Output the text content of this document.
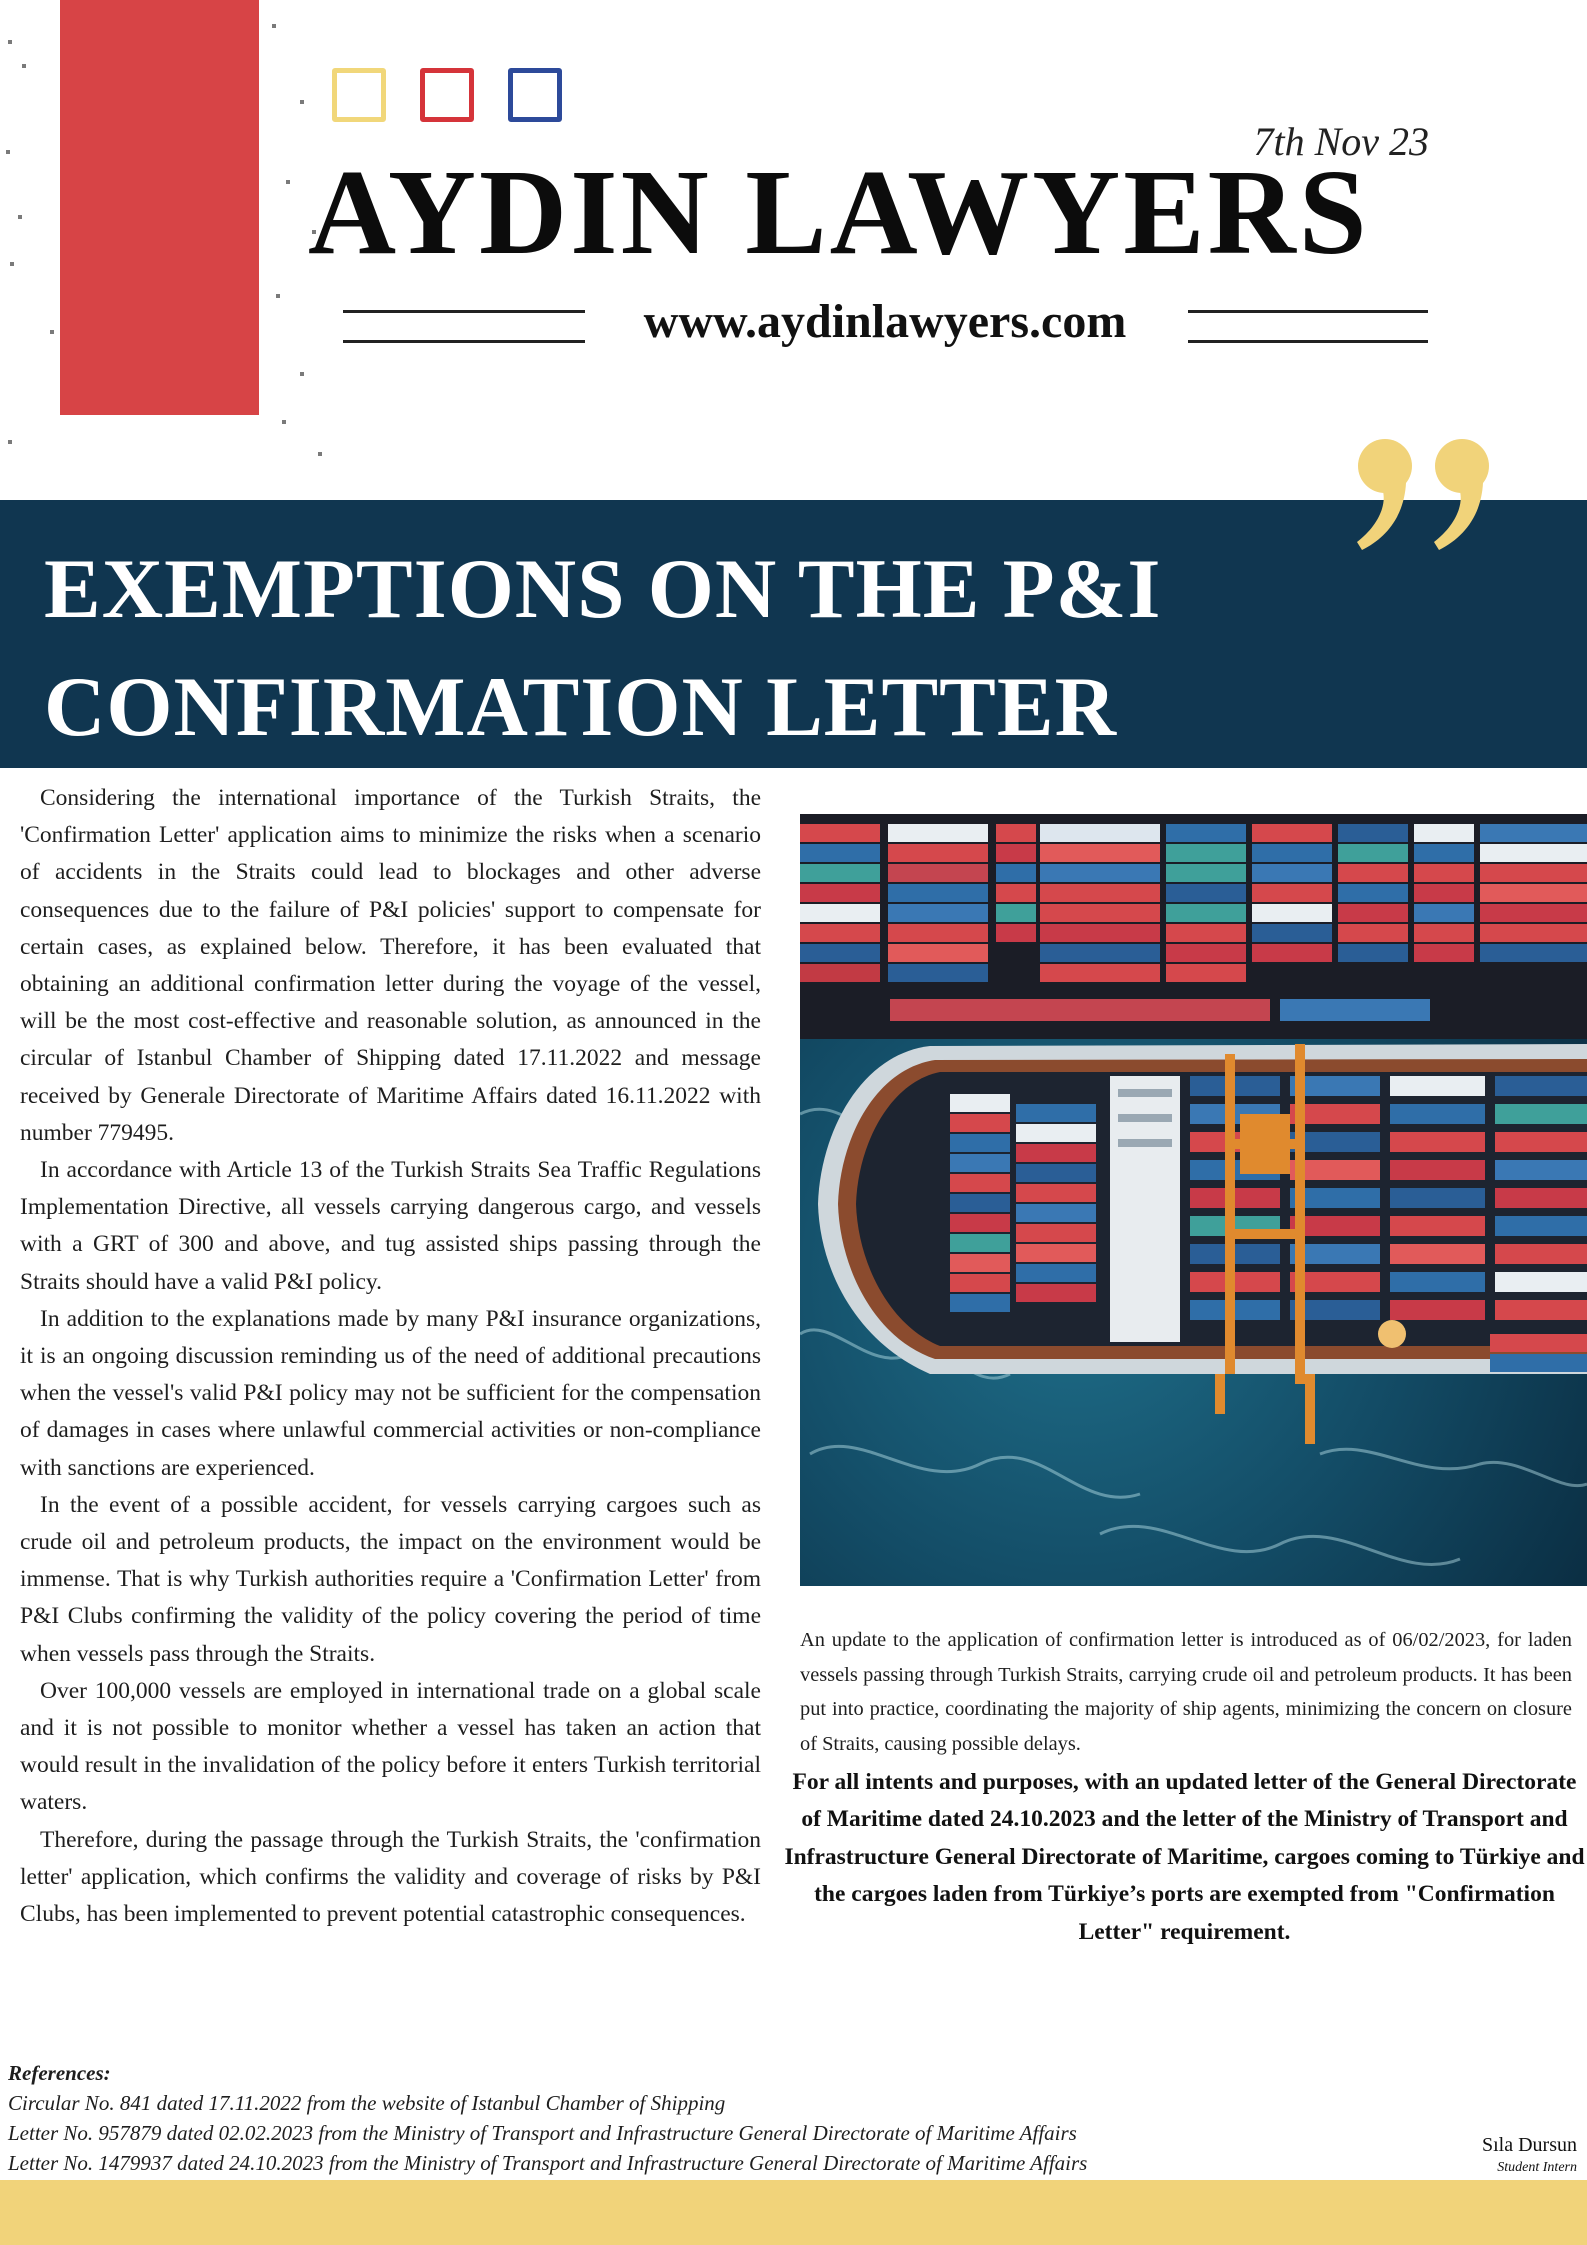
7th Nov 23
AYDIN LAWYERS
www.aydinlawyers.com
EXEMPTIONS ON THE P&I
CONFIRMATION LETTER

Considering the international importance of the Turkish Straits, the 'Confirmation Letter' application aims to minimize the risks when a scenario of accidents in the Straits could lead to blockages and other adverse consequences due to the failure of P&I policies' support to compensate for certain cases, as explained below. Therefore, it has been evaluated that obtaining an additional confirmation letter during the voyage of the vessel, will be the most cost-effective and reasonable solution, as announced in the circular of Istanbul Chamber of Shipping dated 17.11.2022 and message received by Generale Directorate of Maritime Affairs dated 16.11.2022 with number 779495.

In accordance with Article 13 of the Turkish Straits Sea Traffic Regulations Implementation Directive, all vessels carrying dangerous cargo, and vessels with a GRT of 300 and above, and tug assisted ships passing through the Straits should have a valid P&I policy.

In addition to the explanations made by many P&I insurance organizations, it is an ongoing discussion reminding us of the need of additional precautions when the vessel's valid P&I policy may not be sufficient for the compensation of damages in cases where unlawful commercial activities or non-compliance with sanctions are experienced.

In the event of a possible accident, for vessels carrying cargoes such as crude oil and petroleum products, the impact on the environment would be immense. That is why Turkish authorities require a 'Confirmation Letter' from P&I Clubs confirming the validity of the policy covering the period of time when vessels pass through the Straits.

Over 100,000 vessels are employed in international trade on a global scale and it is not possible to monitor whether a vessel has taken an action that would result in the invalidation of the policy before it enters Turkish territorial waters.

Therefore, during the passage through the Turkish Straits, the 'confirmation letter' application, which confirms the validity and coverage of risks by P&I Clubs, has been implemented to prevent potential catastrophic consequences.

An update to the application of confirmation letter is introduced as of 06/02/2023, for laden vessels passing through Turkish Straits, carrying crude oil and petroleum products. It has been put into practice, coordinating the majority of ship agents, minimizing the concern on closure of Straits, causing possible delays.

For all intents and purposes, with an updated letter of the General Directorate of Maritime dated 24.10.2023 and the letter of the Ministry of Transport and Infrastructure General Directorate of Maritime, cargoes coming to Türkiye and the cargoes laden from Türkiye’s ports are exempted from "Confirmation Letter" requirement.

References:
Circular No. 841 dated 17.11.2022 from the website of Istanbul Chamber of Shipping
Letter No. 957879 dated 02.02.2023 from the Ministry of Transport and Infrastructure General Directorate of Maritime Affairs
Letter No. 1479937 dated 24.10.2023 from the Ministry of Transport and Infrastructure General Directorate of Maritime Affairs
Sıla Dursun
Student Intern
